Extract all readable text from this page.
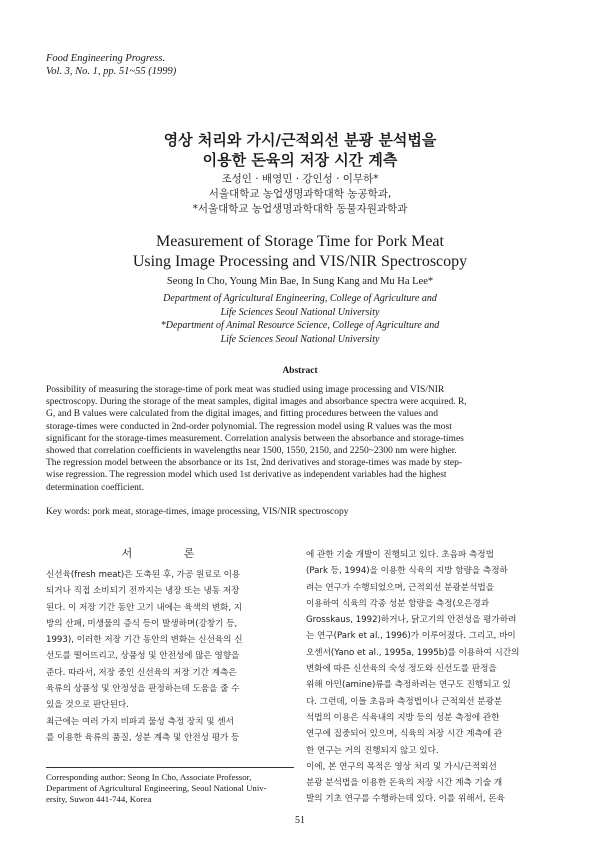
Food Engineering Progress.
Vol. 3, No. 1, pp. 51~55 (1999)
영상 처리와 가시/근적외선 분광 분석법을
이용한 돈육의 저장 시간 계측
조성인 · 배영민 · 강인성 · 이무하*
서울대학교 농업생명과학대학 농공학과,
*서울대학교 농업생명과학대학 동물자원과학과
Measurement of Storage Time for Pork Meat
Using Image Processing and VIS/NIR Spectroscopy
Seong In Cho, Young Min Bae, In Sung Kang and Mu Ha Lee*
Department of Agricultural Engineering, College of Agriculture and
Life Sciences Seoul National University
*Department of Animal Resource Science, College of Agriculture and
Life Sciences Seoul National University
Abstract
Possibility of measuring the storage-time of pork meat was studied using image processing and VIS/NIR
spectroscopy. During the storage of the meat samples, digital images and absorbance spectra were acquired. R,
G, and B values were calculated from the digital images, and fitting procedures between the values and
storage-times were conducted in 2nd-order polynomial. The regression model using R values was the most
significant for the storage-times measurement. Correlation analysis between the absorbance and storage-times
showed that correlation coefficients in wavelengths near 1500, 1550, 2150, and 2250~2300 nm were higher.
The regression model between the absorbance or its 1st, 2nd derivatives and storage-times was made by step-
wise regression. The regression model which used 1st derivative as independent variables had the highest
determination coefficient.
Key words: pork meat, storage-times, image processing, VIS/NIR spectroscopy
서 론
신선육(fresh meat)은 도축된 후, 가공 원료로 이용
되거나 직접 소비되기 전까지는 냉장 또는 냉동 저장
된다. 이 저장 기간 동안 고기 내에는 육색의 변화, 지
방의 산패, 미생물의 증식 등이 발생하며(강창기 등,
1993), 이러한 저장 기간 동안의 변화는 신선육의 신
선도를 떨어뜨리고, 상품성 및 안전성에 많은 영향을
준다. 따라서, 저장 중인 신선육의 저장 기간 계측은
육류의 상품성 및 안정성을 판정하는데 도움을 줄 수
있을 것으로 판단된다.
최근에는 여러 가지 비파괴 물성 측정 장치 및 센서
를 이용한 육류의 품질, 성분 계측 및 안전성 평가 등
에 관한 기술 개발이 진행되고 있다. 초음파 측정법
(Park 등, 1994)을 이용한 식육의 지방 함량을 측정하
려는 연구가 수행되었으며, 근적외선 분광분석법을
이용하여 식육의 각종 성분 함량을 측정(오은경과
Grosskaus, 1992)하거나, 닭고기의 안전성을 평가하려
는 연구(Park et al., 1996)가 이루어졌다. 그리고, 바이
오센서(Yano et al., 1995a, 1995b)를 이용하여 시간의
변화에 따른 신선육의 숙성 정도와 신선도를 판정을
위해 아민(amine)류를 측정하려는 연구도 진행되고 있
다. 그런데, 이들 초음파 측정법이나 근적외선 분광분
석법의 이용은 식육내의 지방 등의 성분 측정에 관한
연구에 집중되어 있으며, 식육의 저장 시간 계측에 관
한 연구는 거의 진행되지 않고 있다.
이에, 본 연구의 목적은 영상 처리 및 가시/근적외선
분광 분석법을 이용한 돈육의 저장 시간 계측 기술 개
발의 기초 연구를 수행하는데 있다. 이를 위해서, 돈육
Corresponding author: Seong In Cho, Associate Professor,
Department of Agricultural Engineering, Seoul National Univ-
ersity, Suwon 441-744, Korea
51
